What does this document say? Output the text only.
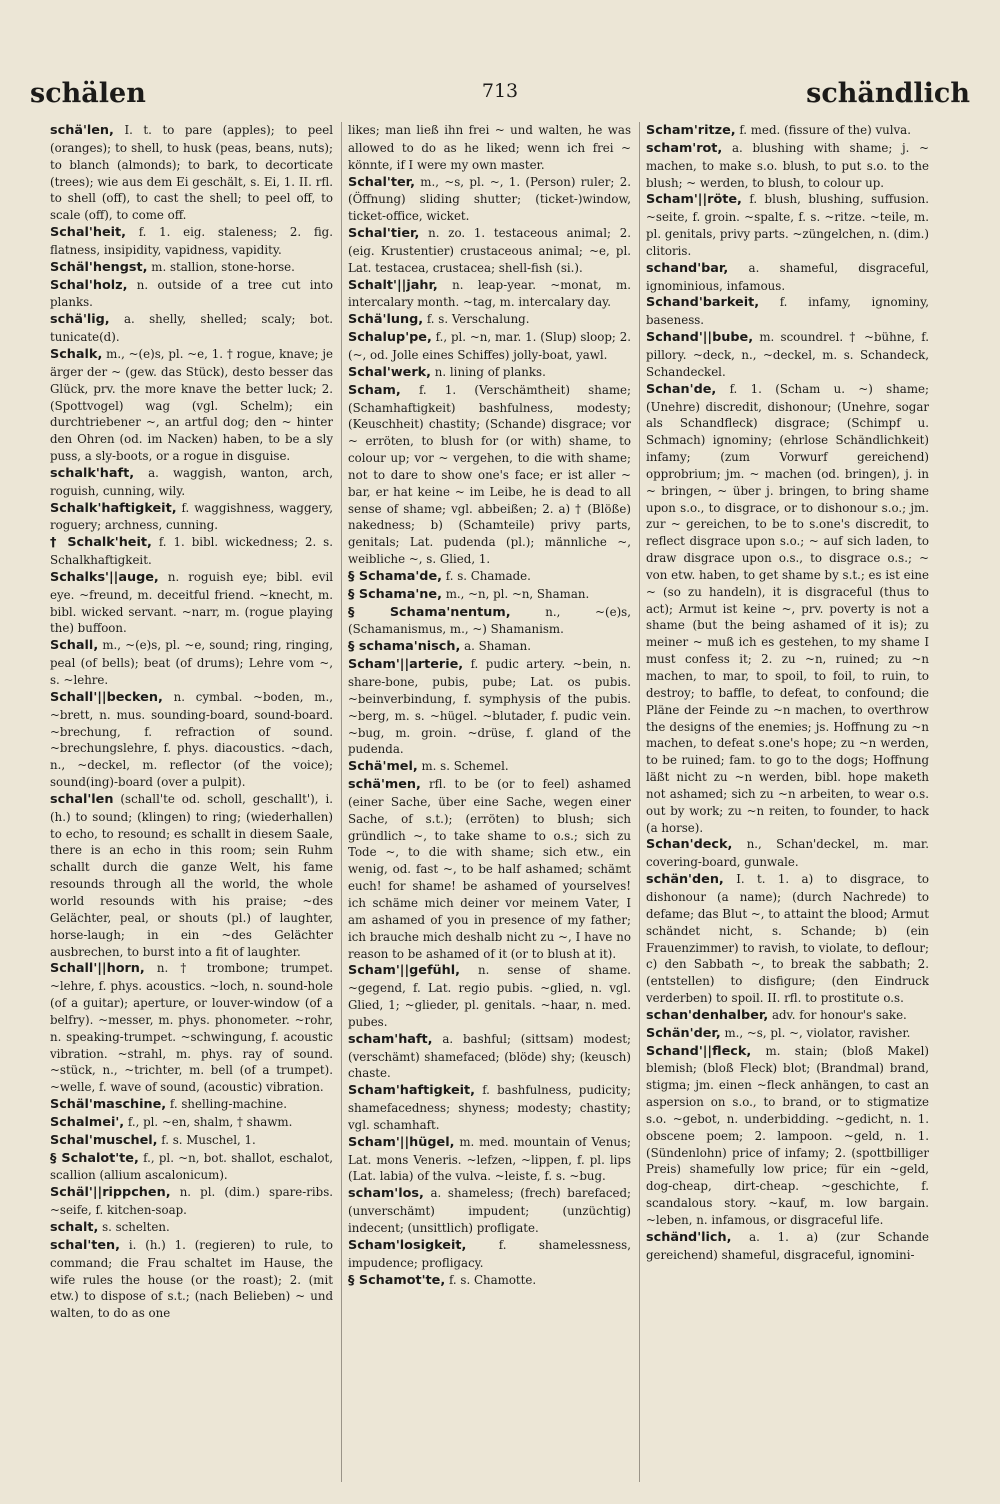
schälen	713	schändlich

schä'len, I. t. to pare (apples); to peel (oranges); to shell, to husk (peas, beans, nuts); to blanch (almonds); to bark, to decorticate (trees); wie aus dem Ei geschält, s. Ei, 1. II. rfl. to shell (off), to cast the shell; to peel off, to scale (off), to come off.

Schal'heit, f. 1. eig. staleness; 2. fig. flatness, insipidity, vapidness, vapidity.

Schäl'hengst, m. stallion, stone-horse.

Schal'holz, n. outside of a tree cut into planks.

schä'lig, a. shelly, shelled; scaly; bot. tunicate(d).

Schalk, m., ~(e)s, pl. ~e, 1. † rogue, knave; je ärger der ~ (gew. das Stück), desto besser das Glück, prv. the more knave the better luck; 2. (Spottvogel) wag (vgl. Schelm); ein durchtriebener ~, an artful dog; den ~ hinter den Ohren (od. im Nacken) haben, to be a sly puss, a sly-boots, or a rogue in disguise.

schalk'haft, a. waggish, wanton, arch, roguish, cunning, wily.

Schalk'haftigkeit, f. waggishness, waggery, roguery; archness, cunning.

† Schalk'heit, f. 1. bibl. wickedness; 2. s. Schalkhaftigkeit.

Schalks'||auge, n. roguish eye; bibl. evil eye. ~freund, m. deceitful friend. ~knecht, m. bibl. wicked servant. ~narr, m. (rogue playing the) buffoon.

Schall, m., ~(e)s, pl. ~e, sound; ring, ringing, peal (of bells); beat (of drums); Lehre vom ~, s. ~lehre.

Schall'||becken, n. cymbal. ~boden, m., ~brett, n. mus. sounding-board, sound-board. ~brechung, f. refraction of sound. ~brechungslehre, f. phys. diacoustics. ~dach, n., ~deckel, m. reflector (of the voice); sound(ing)-board (over a pulpit).

schal'len (schall'te od. scholl, geschallt'), i. (h.) to sound; (klingen) to ring; (wiederhallen) to echo, to resound; es schallt in diesem Saale, there is an echo in this room; sein Ruhm schallt durch die ganze Welt, his fame resounds through all the world, the whole world resounds with his praise; ~des Gelächter, peal, or shouts (pl.) of laughter, horse-laugh; in ein ~des Gelächter ausbrechen, to burst into a fit of laughter.

Schall'||horn, n. † trombone; trumpet. ~lehre, f. phys. acoustics. ~loch, n. sound-hole (of a guitar); aperture, or louver-window (of a belfry). ~messer, m. phys. phonometer. ~rohr, n. speaking-trumpet. ~schwingung, f. acoustic vibration. ~strahl, m. phys. ray of sound. ~stück, n., ~trichter, m. bell (of a trumpet). ~welle, f. wave of sound, (acoustic) vibration.

Schäl'maschine, f. shelling-machine.

Schalmei', f., pl. ~en, shalm, † shawm.

Schal'muschel, f. s. Muschel, 1.

§ Schalot'te, f., pl. ~n, bot. shallot, eschalot, scallion (allium ascalonicum).

Schäl'||rippchen, n. pl. (dim.) spare-ribs. ~seife, f. kitchen-soap.

schalt, s. schelten.

schal'ten, i. (h.) 1. (regieren) to rule, to command; die Frau schaltet im Hause, the wife rules the house (or the roast); 2. (mit etw.) to dispose of s.t.; (nach Belieben) ~ und walten, to do as one

likes; man ließ ihn frei ~ und walten, he was allowed to do as he liked; wenn ich frei ~ könnte, if I were my own master.

Schal'ter, m., ~s, pl. ~, 1. (Person) ruler; 2. (Öffnung) sliding shutter; (ticket-)window, ticket-office, wicket.

Schal'tier, n. zo. 1. testaceous animal; 2. (eig. Krustentier) crustaceous animal; ~e, pl. Lat. testacea, crustacea; shell-fish (si.).

Schalt'||jahr, n. leap-year. ~monat, m. intercalary month. ~tag, m. intercalary day.

Schä'lung, f. s. Verschalung.

Schalup'pe, f., pl. ~n, mar. 1. (Slup) sloop; 2. (~, od. Jolle eines Schiffes) jolly-boat, yawl.

Schal'werk, n. lining of planks.

Scham, f. 1. (Verschämtheit) shame; (Schamhaftigkeit) bashfulness, modesty; (Keuschheit) chastity; (Schande) disgrace; vor ~ erröten, to blush for (or with) shame, to colour up; vor ~ vergehen, to die with shame; not to dare to show one's face; er ist aller ~ bar, er hat keine ~ im Leibe, he is dead to all sense of shame; vgl. abbeißen; 2. a) † (Blöße) nakedness; b) (Schamteile) privy parts, genitals; Lat. pudenda (pl.); männliche ~, weibliche ~, s. Glied, 1.

§ Schama'de, f. s. Chamade.

§ Schama'ne, m., ~n, pl. ~n, Shaman.

§ Schama'nentum, n., ~(e)s, (Schamanismus, m., ~) Shamanism.

§ schama'nisch, a. Shaman.

Scham'||arterie, f. pudic artery. ~bein, n. share-bone, pubis, pube; Lat. os pubis. ~beinverbindung, f. symphysis of the pubis. ~berg, m. s. ~hügel. ~blutader, f. pudic vein. ~bug, m. groin. ~drüse, f. gland of the pudenda.

Schä'mel, m. s. Schemel.

schä'men, rfl. to be (or to feel) ashamed (einer Sache, über eine Sache, wegen einer Sache, of s.t.); (erröten) to blush; sich gründlich ~, to take shame to o.s.; sich zu Tode ~, to die with shame; sich etw., ein wenig, od. fast ~, to be half ashamed; schämt euch! for shame! be ashamed of yourselves! ich schäme mich deiner vor meinem Vater, I am ashamed of you in presence of my father; ich brauche mich deshalb nicht zu ~, I have no reason to be ashamed of it (or to blush at it).

Scham'||gefühl, n. sense of shame. ~gegend, f. Lat. regio pubis. ~glied, n. vgl. Glied, 1; ~glieder, pl. genitals. ~haar, n. med. pubes.

scham'haft, a. bashful; (sittsam) modest; (verschämt) shamefaced; (blöde) shy; (keusch) chaste.

Scham'haftigkeit, f. bashfulness, pudicity; shamefacedness; shyness; modesty; chastity; vgl. schamhaft.

Scham'||hügel, m. med. mountain of Venus; Lat. mons Veneris. ~lefzen, ~lippen, f. pl. lips (Lat. labia) of the vulva. ~leiste, f. s. ~bug.

scham'los, a. shameless; (frech) barefaced; (unverschämt) impudent; (unzüchtig) indecent; (unsittlich) profligate.

Scham'losigkeit, f. shamelessness, impudence; profligacy.

§ Schamot'te, f. s. Chamotte.

Scham'ritze, f. med. (fissure of the) vulva.

scham'rot, a. blushing with shame; j. ~ machen, to make s.o. blush, to put s.o. to the blush; ~ werden, to blush, to colour up.

Scham'||röte, f. blush, blushing, suffusion. ~seite, f. groin. ~spalte, f. s. ~ritze. ~teile, m. pl. genitals, privy parts. ~züngelchen, n. (dim.) clitoris.

schand'bar, a. shameful, disgraceful, ignominious, infamous.

Schand'barkeit, f. infamy, ignominy, baseness.

Schand'||bube, m. scoundrel. † ~bühne, f. pillory. ~deck, n., ~deckel, m. s. Schandeck, Schandeckel.

Schan'de, f. 1. (Scham u. ~) shame; (Unehre) discredit, dishonour; (Unehre, sogar als Schandfleck) disgrace; (Schimpf u. Schmach) ignominy; (ehrlose Schändlichkeit) infamy; (zum Vorwurf gereichend) opprobrium; jm. ~ machen (od. bringen), j. in ~ bringen, ~ über j. bringen, to bring shame upon s.o., to disgrace, or to dishonour s.o.; jm. zur ~ gereichen, to be to s.one's discredit, to reflect disgrace upon s.o.; ~ auf sich laden, to draw disgrace upon o.s., to disgrace o.s.; ~ von etw. haben, to get shame by s.t.; es ist eine ~ (so zu handeln), it is disgraceful (thus to act); Armut ist keine ~, prv. poverty is not a shame (but the being ashamed of it is); zu meiner ~ muß ich es gestehen, to my shame I must confess it; 2. zu ~n, ruined; zu ~n machen, to mar, to spoil, to foil, to ruin, to destroy; to baffle, to defeat, to confound; die Pläne der Feinde zu ~n machen, to overthrow the designs of the enemies; js. Hoffnung zu ~n machen, to defeat s.one's hope; zu ~n werden, to be ruined; fam. to go to the dogs; Hoffnung läßt nicht zu ~n werden, bibl. hope maketh not ashamed; sich zu ~n arbeiten, to wear o.s. out by work; zu ~n reiten, to founder, to hack (a horse).

Schan'deck, n., Schan'deckel, m. mar. covering-board, gunwale.

schän'den, I. t. 1. a) to disgrace, to dishonour (a name); (durch Nachrede) to defame; das Blut ~, to attaint the blood; Armut schändet nicht, s. Schande; b) (ein Frauenzimmer) to ravish, to violate, to deflour; c) den Sabbath ~, to break the sabbath; 2. (entstellen) to disfigure; (den Eindruck verderben) to spoil. II. rfl. to prostitute o.s.

schan'denhalber, adv. for honour's sake.

Schän'der, m., ~s, pl. ~, violator, ravisher.

Schand'||fleck, m. stain; (bloß Makel) blemish; (bloß Fleck) blot; (Brandmal) brand, stigma; jm. einen ~fleck anhängen, to cast an aspersion on s.o., to brand, or to stigmatize s.o. ~gebot, n. underbidding. ~gedicht, n. 1. obscene poem; 2. lampoon. ~geld, n. 1. (Sündenlohn) price of infamy; 2. (spottbilliger Preis) shamefully low price; für ein ~geld, dog-cheap, dirt-cheap. ~geschichte, f. scandalous story. ~kauf, m. low bargain. ~leben, n. infamous, or disgraceful life.

schänd'lich, a. 1. a) (zur Schande gereichend) shameful, disgraceful, ignomini-
